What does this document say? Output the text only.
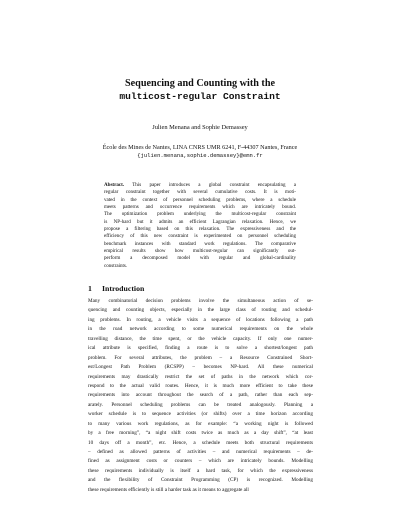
Sequencing and Counting with the
multicost-regular Constraint
Julien Menana and Sophie Demassey
École des Mines de Nantes, LINA CNRS UMR 6241, F-44307 Nantes, France
{julien.menana,sophie.demassey}@emn.fr
Abstract. This paper introduces a global constraint encapsulating a
regular constraint together with several cumulative costs. It is moti-
vated in the context of personnel scheduling problems, where a schedule
meets patterns and occurrence requirements which are intricately bound.
The optimization problem underlying the multicost-regular constraint
is NP-hard but it admits an efficient Lagrangian relaxation. Hence, we
propose a filtering based on this relaxation. The expressiveness and the
efficiency of this new constraint is experimented on personnel scheduling
benchmark instances with standard work regulations. The comparative
empirical results show how multicost-regular can significantly out-
perform a decomposed model with regular and global-cardinality
constraints.
1 Introduction
Many combinatorial decision problems involve the simultaneous action of se-
quencing and counting objects, especially in the large class of routing and schedul-
ing problems. In routing, a vehicle visits a sequence of locations following a path
in the road network according to some numerical requirements on the whole
travelling distance, the time spent, or the vehicle capacity. If only one numer-
ical attribute is specified, finding a route is to solve a shortest/longest path
problem. For several attributes, the problem – a Resource Constrained Short-
est/Longest Path Problem (RCSPP) – becomes NP-hard. All these numerical
requirements may drastically restrict the set of paths in the network which cor-
respond to the actual valid routes. Hence, it is much more efficient to take these
requirements into account throughout the search of a path, rather than each sep-
arately. Personnel scheduling problems can be treated analogously. Planning a
worker schedule is to sequence activities (or shifts) over a time horizon according
to many various work regulations, as for example: “a working night is followed
by a free morning”, “a night shift costs twice as much as a day shift”, “at least
10 days off a month”, etc. Hence, a schedule meets both structural requirements
– defined as allowed patterns of activities – and numerical requirements – de-
fined as assignment costs or counters – which are intricately bounds. Modelling
these requirements individually is itself a hard task, for which the expressiveness
and the flexibility of Constraint Programming (CP) is recognized. Modelling
these requirements efficiently is still a harder task as it means to aggregate all
